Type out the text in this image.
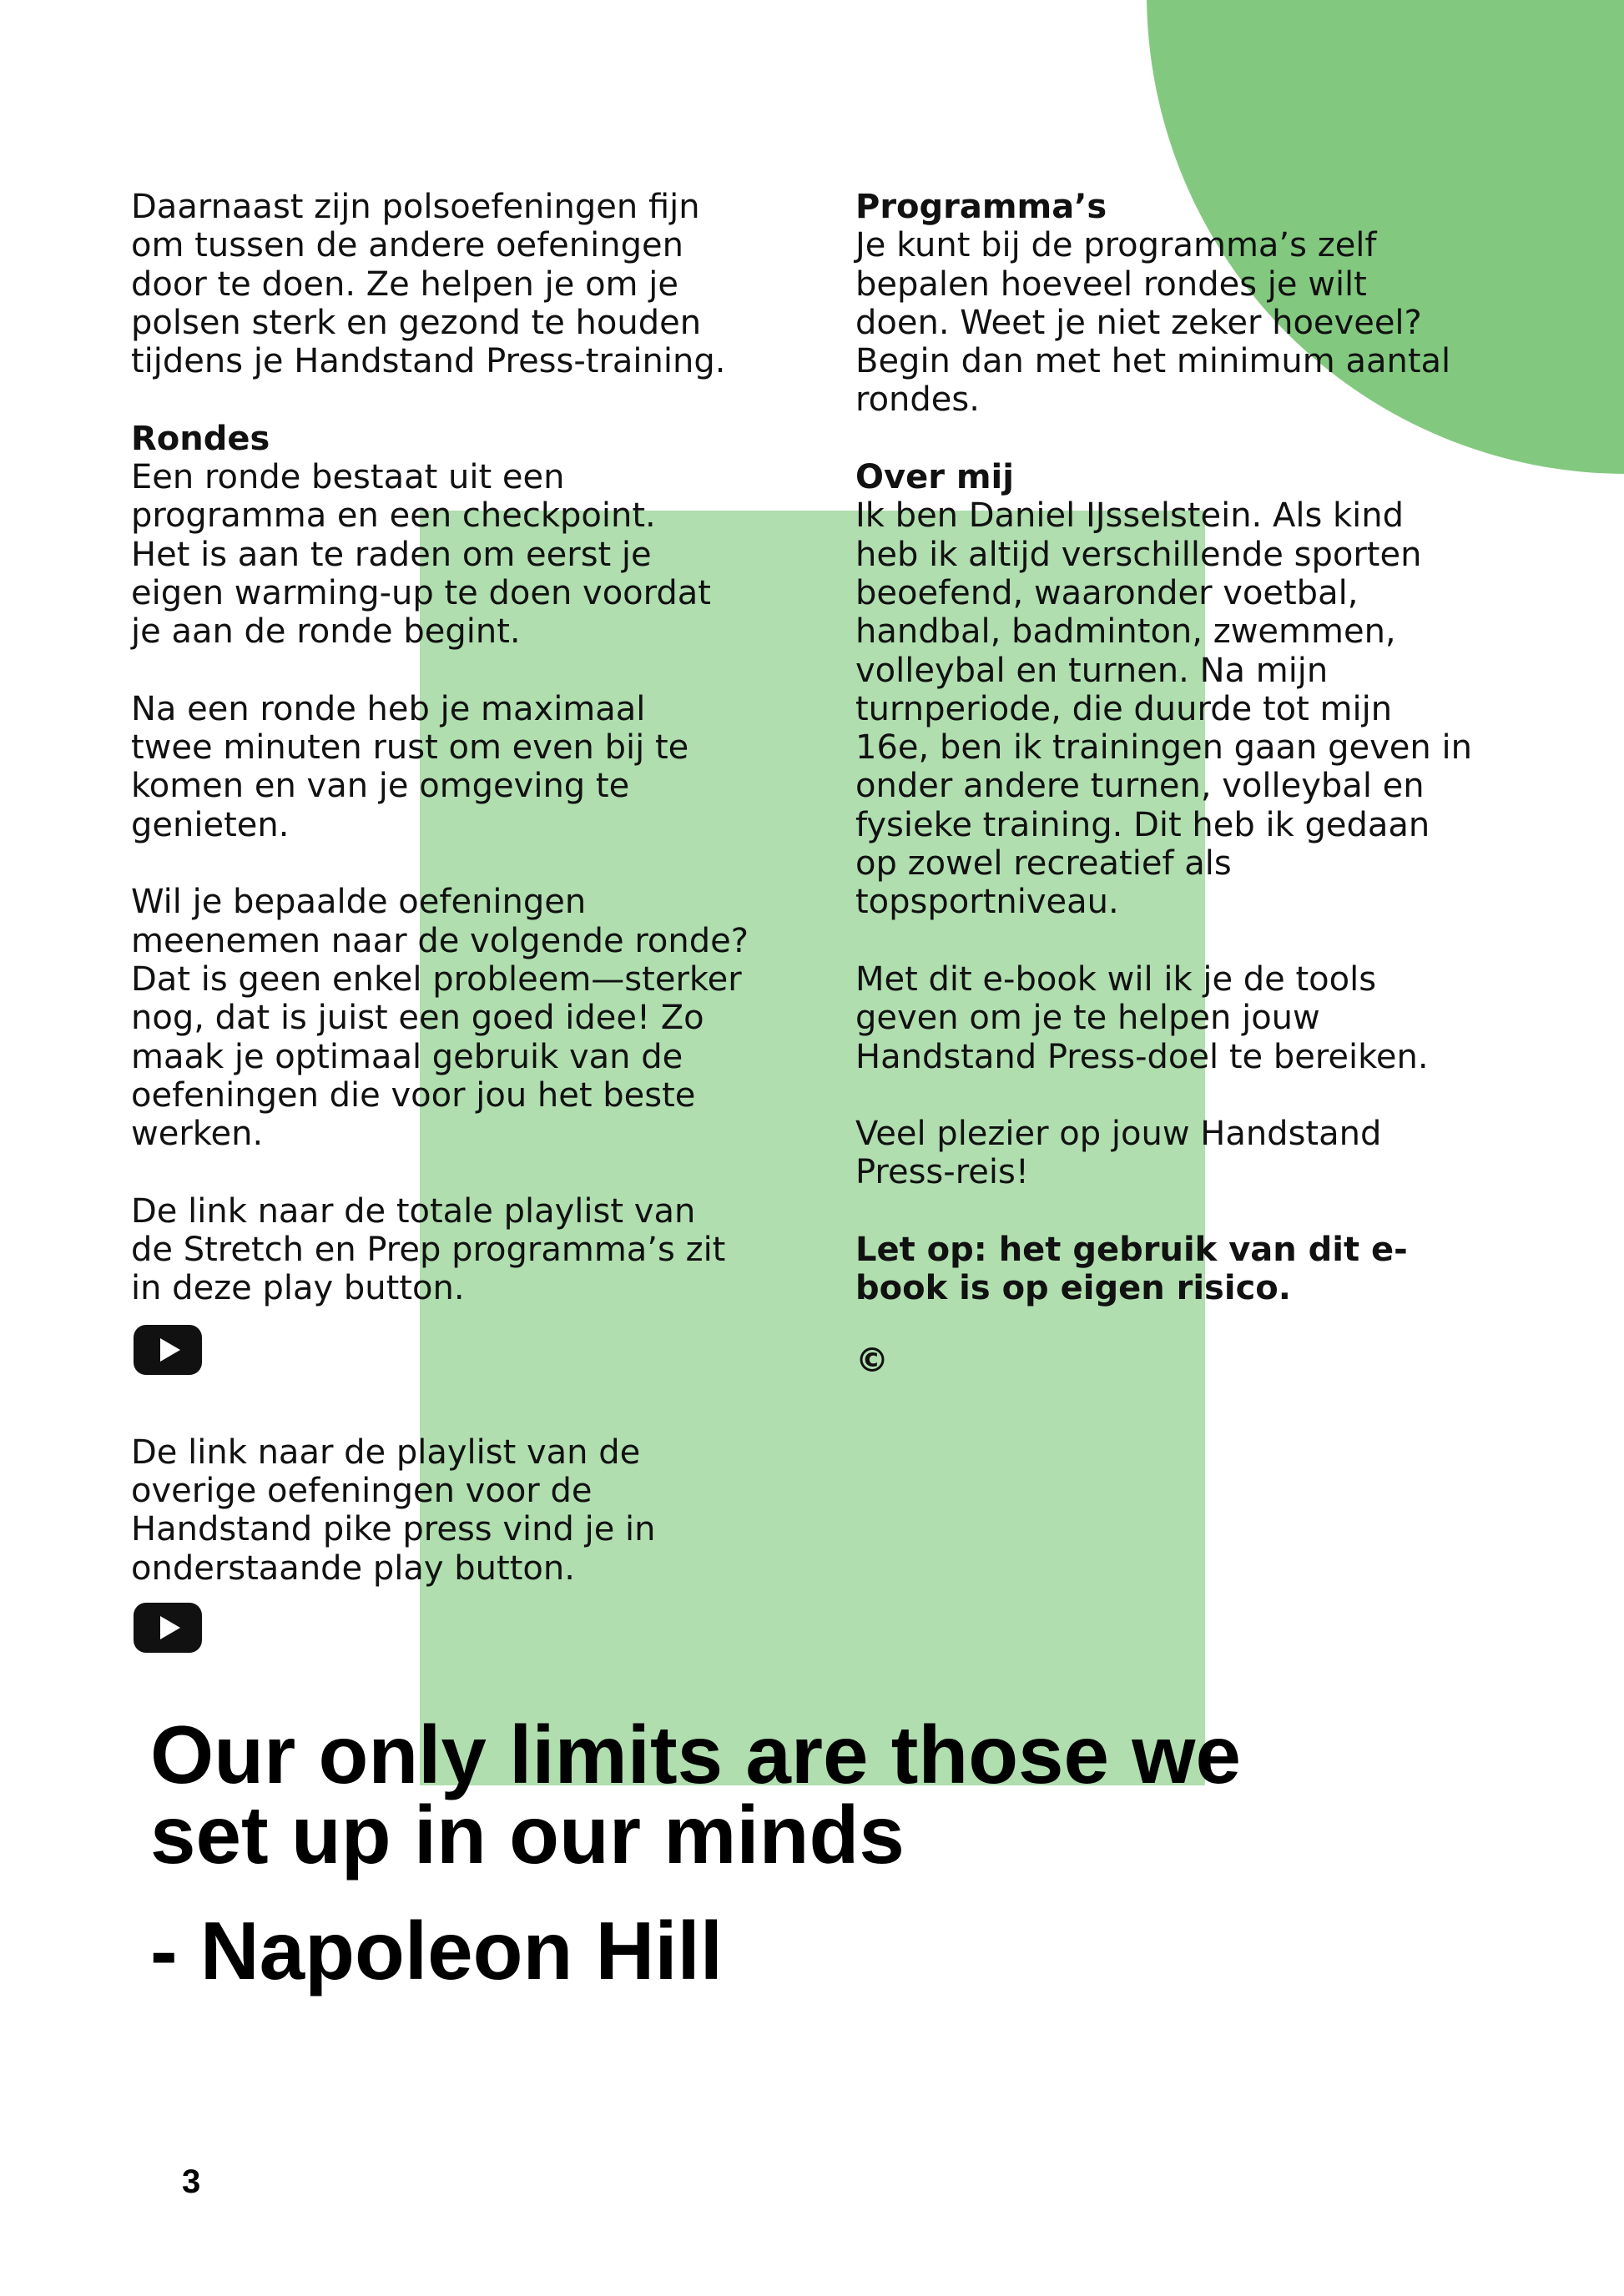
Daarnaast zijn polsoefeningen fijn
om tussen de andere oefeningen
door te doen. Ze helpen je om je
polsen sterk en gezond te houden
tijdens je Handstand Press-training.

Rondes

Een ronde bestaat uit een
programma en een checkpoint.
Het is aan te raden om eerst je
eigen warming-up te doen voordat
je aan de ronde begint.

Na een ronde heb je maximaal
twee minuten rust om even bij te
komen en van je omgeving te
genieten.

Wil je bepaalde oefeningen
meenemen naar de volgende ronde?
Dat is geen enkel probleem—sterker
nog, dat is juist een goed idee! Zo
maak je optimaal gebruik van de
oefeningen die voor jou het beste
werken.

De link naar de totale playlist van
de Stretch en Prep programma’s zit
in deze play button.

De link naar de playlist van de
overige oefeningen voor de
Handstand pike press vind je in
onderstaande play button.

Programma’s

Je kunt bij de programma’s zelf
bepalen hoeveel rondes je wilt
doen. Weet je niet zeker hoeveel?
Begin dan met het minimum aantal
rondes.

Over mij

Ik ben Daniel IJsselstein. Als kind
heb ik altijd verschillende sporten
beoefend, waaronder voetbal,
handbal, badminton, zwemmen,
volleybal en turnen. Na mijn
turnperiode, die duurde tot mijn
16e, ben ik trainingen gaan geven in
onder andere turnen, volleybal en
fysieke training. Dit heb ik gedaan
op zowel recreatief als
topsportniveau.

Met dit e-book wil ik je de tools
geven om je te helpen jouw
Handstand Press-doel te bereiken.

Veel plezier op jouw Handstand
Press-reis!

Let op: het gebruik van dit e-
book is op eigen risico.

©
Our only limits are those we
set up in our minds
- Napoleon Hill
3
